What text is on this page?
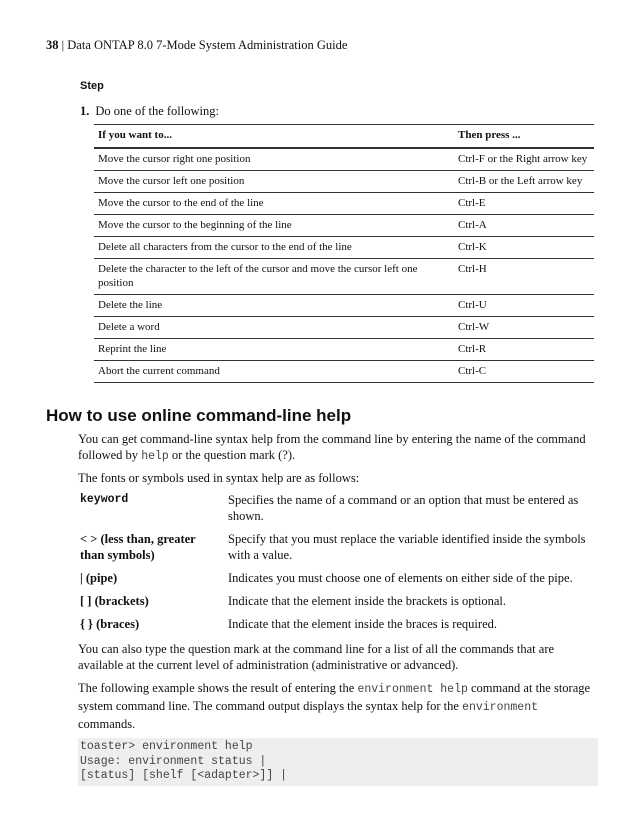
38 | Data ONTAP 8.0 7-Mode System Administration Guide
Step
1. Do one of the following:
If you want to...	Then press ...
Move the cursor right one position	Ctrl-F or the Right arrow key
Move the cursor left one position	Ctrl-B or the Left arrow key
Move the cursor to the end of the line	Ctrl-E
Move the cursor to the beginning of the line	Ctrl-A
Delete all characters from the cursor to the end of the line	Ctrl-K
Delete the character to the left of the cursor and move the cursor left one position	Ctrl-H
Delete the line	Ctrl-U
Delete a word	Ctrl-W
Reprint the line	Ctrl-R
Abort the current command	Ctrl-C
How to use online command-line help
You can get command-line syntax help from the command line by entering the name of the command followed by help or the question mark (?).
The fonts or symbols used in syntax help are as follows:
keyword	Specifies the name of a command or an option that must be entered as shown.
< > (less than, greater than symbols)	Specify that you must replace the variable identified inside the symbols with a value.
| (pipe)	Indicates you must choose one of elements on either side of the pipe.
[ ] (brackets)	Indicate that the element inside the brackets is optional.
{ } (braces)	Indicate that the element inside the braces is required.
You can also type the question mark at the command line for a list of all the commands that are available at the current level of administration (administrative or advanced).
The following example shows the result of entering the environment help command at the storage system command line. The command output displays the syntax help for the environment commands.
toaster> environment help
Usage: environment status |
[status] [shelf [<adapter>]] |
